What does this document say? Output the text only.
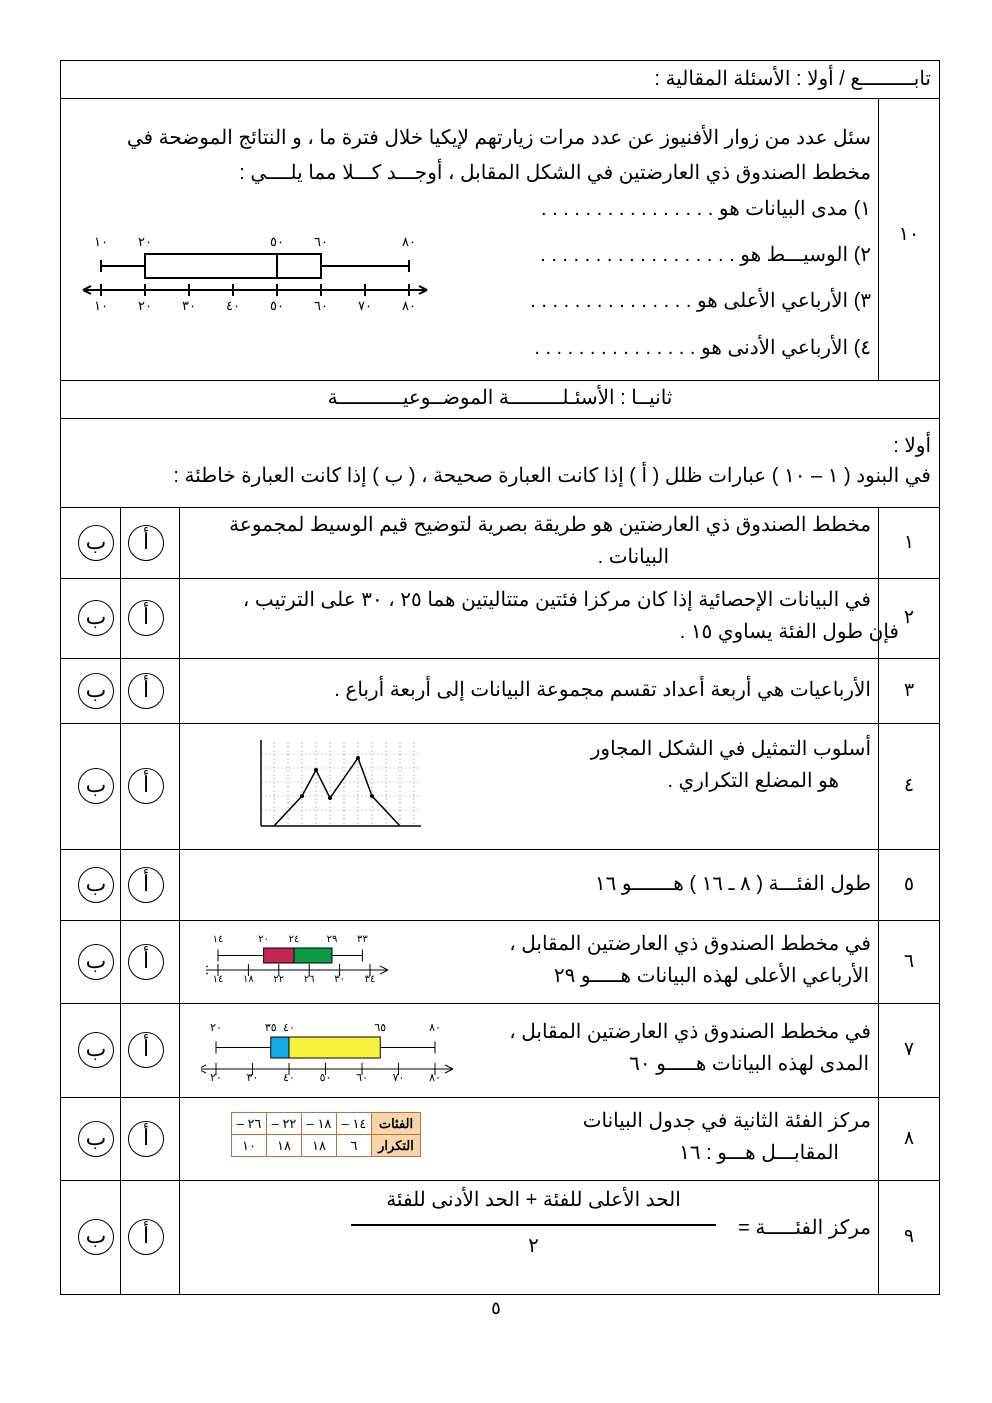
تابـــــــــع / أولا : الأسئلة المقالية :
١٠
سئل عدد من زوار الأفنيوز عن عدد مرات زيارتهم لإيكيا خلال فترة ما ، و النتائج الموضحة في
مخطط الصندوق ذي العارضتين في الشكل المقابل ، أوجـــد كـــلا مما يلــــي :
١) مدى البيانات هو . . . . . . . . . . . . . . . .
٢) الوسيـــط هو . . . . . . . . . . . . . . . . . .
٣) الأرباعي الأعلى هو . . . . . . . . . . . . . . .
٤) الأرباعي الأدنى هو . . . . . . . . . . . . . . .
١٠ ٢٠ ٣٠ ٤٠ ٥٠ ٦٠ ٧٠ ٨٠
١٠ ٢٠	٥٠ ٦٠	٨٠
ثانيــا : الأسئـلـــــــــة الموضــوعيـــــــــــة
أولا :
في البنود ( ١ – ١٠ ) عبارات ظلل ( أ ) إذا كانت العبارة صحيحة ، ( ب ) إذا كانت العبارة خاطئة :
١
أ
ب
مخطط الصندوق ذي العارضتين هو طريقة بصرية لتوضيح قيم الوسيط لمجموعة
البيانات .
٢
أ
ب
في البيانات الإحصائية إذا كان مركزا فئتين متتاليتين هما ٢٥ ، ٣٠ على الترتيب ،
فإن طول الفئة يساوي ١٥ .
٣
أ
ب	الأرباعيات هي أربعة أعداد تقسم مجموعة البيانات إلى أربعة أرباع .
٤
أ
ب
أسلوب التمثيل في الشكل المجاور
هو المضلع التكراري .
٥
أ
ب	طول الفئـــة ( ٨ ـ ١٦ ) هـــــــو ١٦
٦
أ
ب
في مخطط الصندوق ذي العارضتين المقابل ،
الأرباعي الأعلى لهذه البيانات هـــــو ٢٩
١٤ ١٨ ٢٢ ٢٦ ٣٠ ٣٤
١٤	٢٠ ٢٤	٢٩ ٣٣
٧
أ
ب
في مخطط الصندوق ذي العارضتين المقابل ،
المدى لهذه البيانات هـــــو ٦٠
٢٠ ٣٠ ٤٠ ٥٠ ٦٠ ٧٠ ٨٠
٢٠	٣٥ ٤٠	٦٥	٨٠
٨
أ
ب
مركز الفئة الثانية في جدول البيانات
المقابـــل هـــو : ١٦
الفئات	١٤ –	١٨ –	٢٢ –	٢٦ –
التكرار	٦	١٨	١٨	١٠
٩
أ
ب	مركز الفئـــــة =
الحد الأعلى للفئة + الحد الأدنى للفئة
٢
٥
